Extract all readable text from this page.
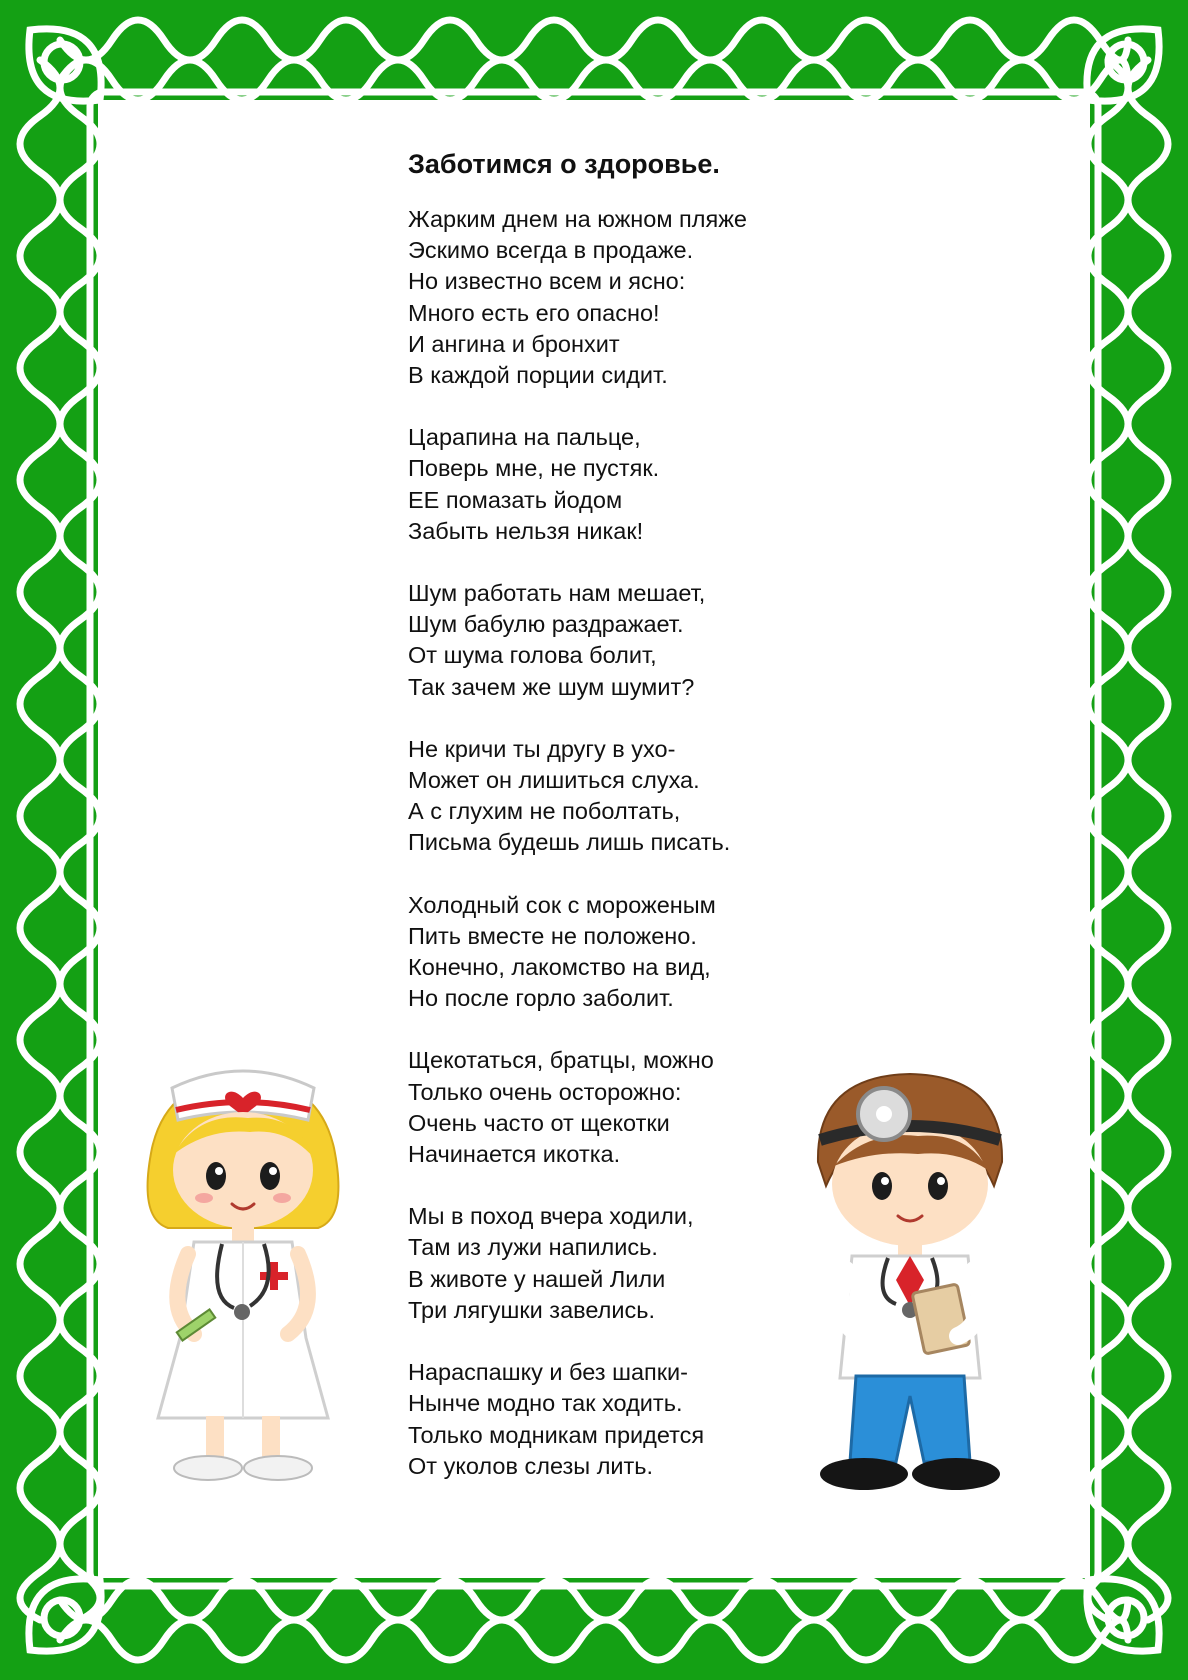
Заботимся о здоровье.
Жарким днем на южном пляже
Эскимо всегда в продаже.
Но известно всем и ясно:
Много есть его опасно!
И ангина и бронхит
В каждой порции сидит.
Царапина на пальце,
Поверь мне, не пустяк.
ЕЕ помазать йодом
Забыть нельзя никак!
Шум работать нам мешает,
Шум бабулю раздражает.
От шума голова болит,
Так зачем же шум шумит?
Не кричи ты другу в ухо-
Может он лишиться слуха.
А с глухим не поболтать,
Письма будешь лишь писать.
Холодный сок с мороженым
Пить вместе не положено.
Конечно, лакомство на вид,
Но после горло заболит.
Щекотаться, братцы, можно
Только очень осторожно:
Очень часто от щекотки
Начинается икотка.
Мы в поход вчера ходили,
Там из лужи напились.
В животе у нашей Лили
Три лягушки завелись.
Нараспашку и без шапки-
Нынче модно так ходить.
Только модникам придется
От уколов слезы лить.
